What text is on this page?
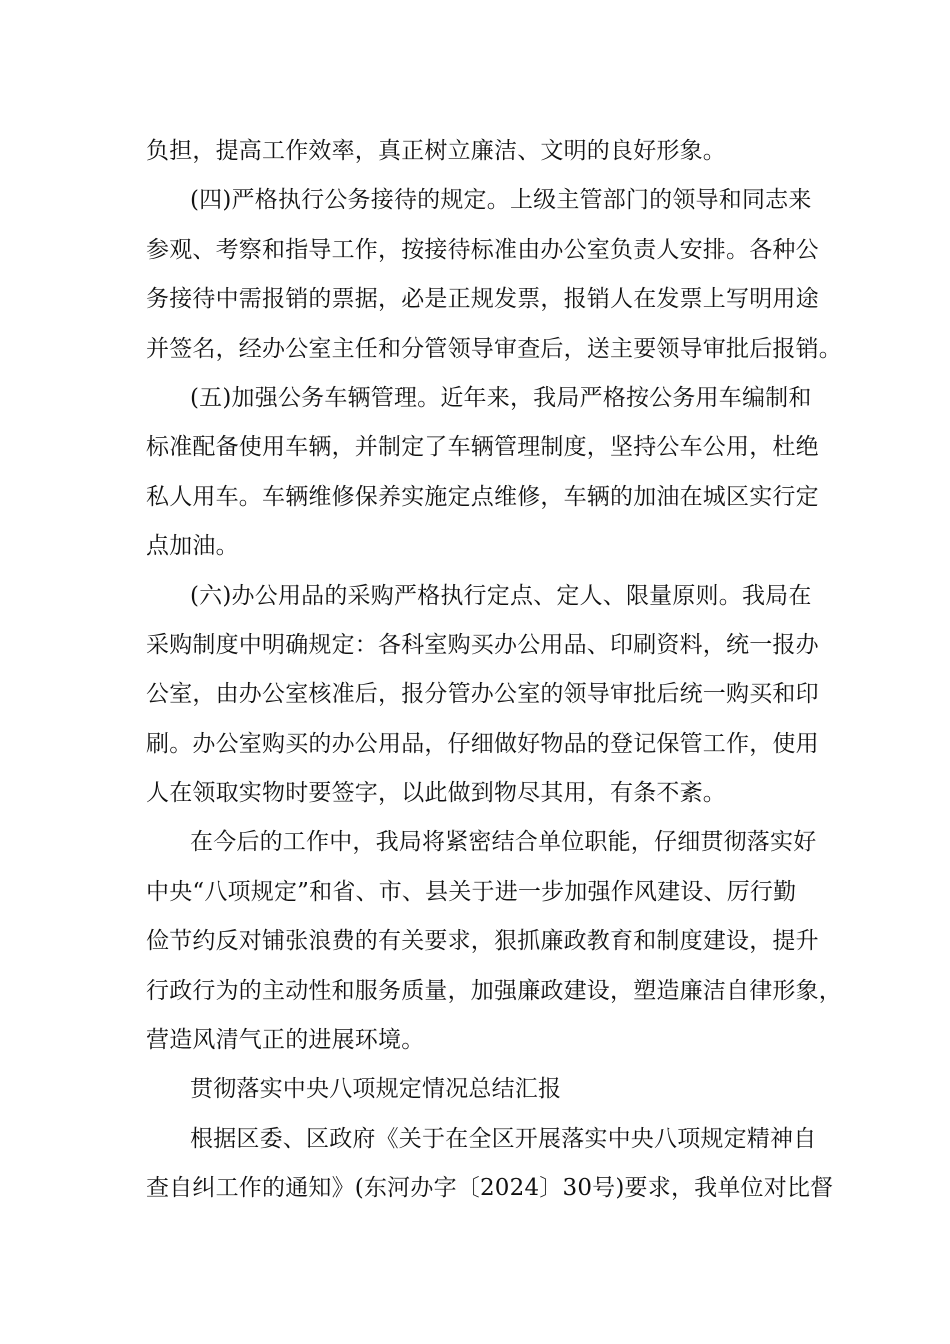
负担，提高工作效率，真正树立廉洁、文明的良好形象。
(四)严格执行公务接待的规定。上级主管部门的领导和同志来
参观、考察和指导工作，按接待标准由办公室负责人安排。各种公
务接待中需报销的票据，必是正规发票，报销人在发票上写明用途
并签名，经办公室主任和分管领导审查后，送主要领导审批后报销。
(五)加强公务车辆管理。近年来，我局严格按公务用车编制和
标准配备使用车辆，并制定了车辆管理制度，坚持公车公用，杜绝
私人用车。车辆维修保养实施定点维修，车辆的加油在城区实行定
点加油。
(六)办公用品的采购严格执行定点、定人、限量原则。我局在
采购制度中明确规定：各科室购买办公用品、印刷资料，统一报办
公室，由办公室核准后，报分管办公室的领导审批后统一购买和印
刷。办公室购买的办公用品，仔细做好物品的登记保管工作，使用
人在领取实物时要签字，以此做到物尽其用，有条不紊。
在今后的工作中，我局将紧密结合单位职能，仔细贯彻落实好
中央“八项规定”和省、市、县关于进一步加强作风建设、厉行勤
俭节约反对铺张浪费的有关要求，狠抓廉政教育和制度建设，提升
行政行为的主动性和服务质量，加强廉政建设，塑造廉洁自律形象，
营造风清气正的进展环境。
贯彻落实中央八项规定情况总结汇报
根据区委、区政府《关于在全区开展落实中央八项规定精神自
查自纠工作的通知》(东河办字〔2024〕30号)要求，我单位对比督
